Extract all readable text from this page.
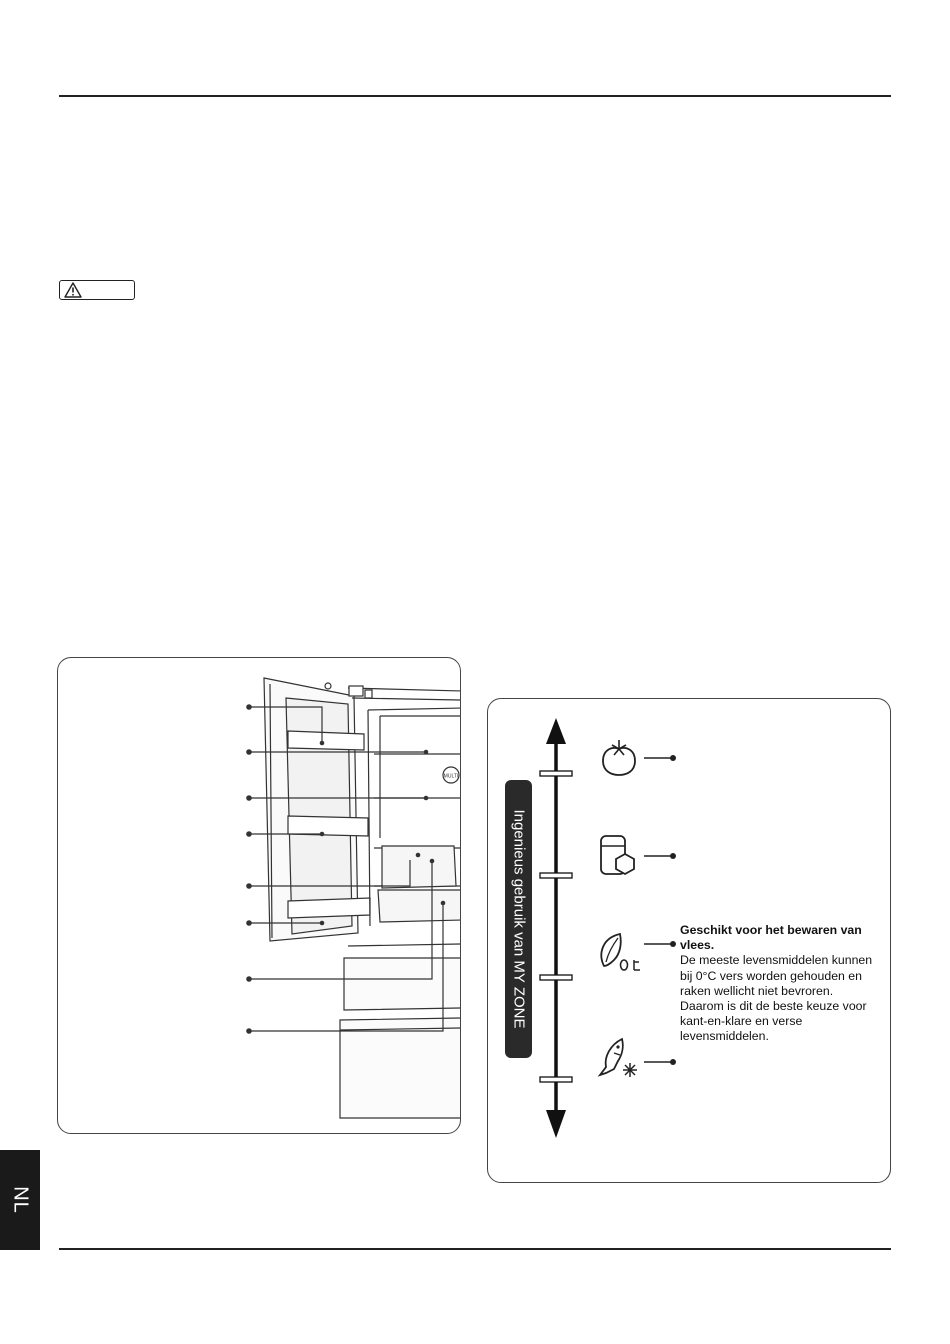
MULTI
Ingenieus gebruik van MY ZONE	Geschikt voor het bewaren van vlees.
De meeste levensmiddelen kunnen bij 0°C vers worden gehouden en raken wellicht niet bevroren. Daarom is dit de beste keuze voor kant-en-klare en verse levensmiddelen.
NL
